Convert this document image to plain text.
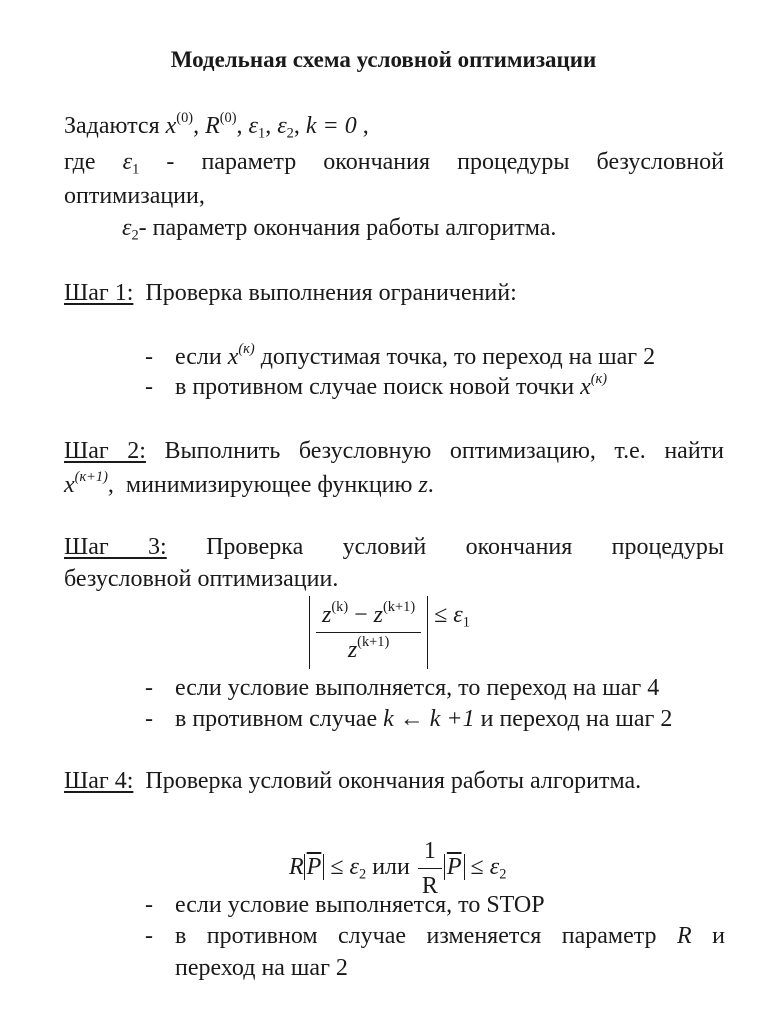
Модельная схема условной оптимизации
Задаются $x^{(0)}$, $R^{(0)}$, $\varepsilon_1$, $\varepsilon_2$, k = 0 ,
где $\varepsilon_1$ - параметр окончания процедуры безусловной
оптимизации,
$\varepsilon_2-$ параметр окончания работы алгоритма.
Шаг 1: Проверка выполнения ограничений:
- если $x^{(к)}$ допустимая точка, то переход на шаг 2
- в противном случае поиск новой точки $x^{(к)}$
Шаг 2: Выполнить безусловную оптимизацию, т.е. найти
$x^{(к+1)}$,  минимизирующее функцию z.
Шаг 3: Проверка условий окончания процедуры
безусловной оптимизации.
$\frac{z^{(k)} - z^{(k+1)}}{z^{(k+1)}} \le \varepsilon_1$
- если условие выполняется, то переход на шаг 4
- в противном случае k ← k +1 и переход на шаг 2
Шаг 4: Проверка условий окончания работы алгоритма.
R $\overline{P} \le \varepsilon_2$ или $\frac{1}{R} \overline{P} \le \varepsilon_2$
- если условие выполняется, то STOP
- в противном случае изменяется параметр R и
переход на шаг 2
